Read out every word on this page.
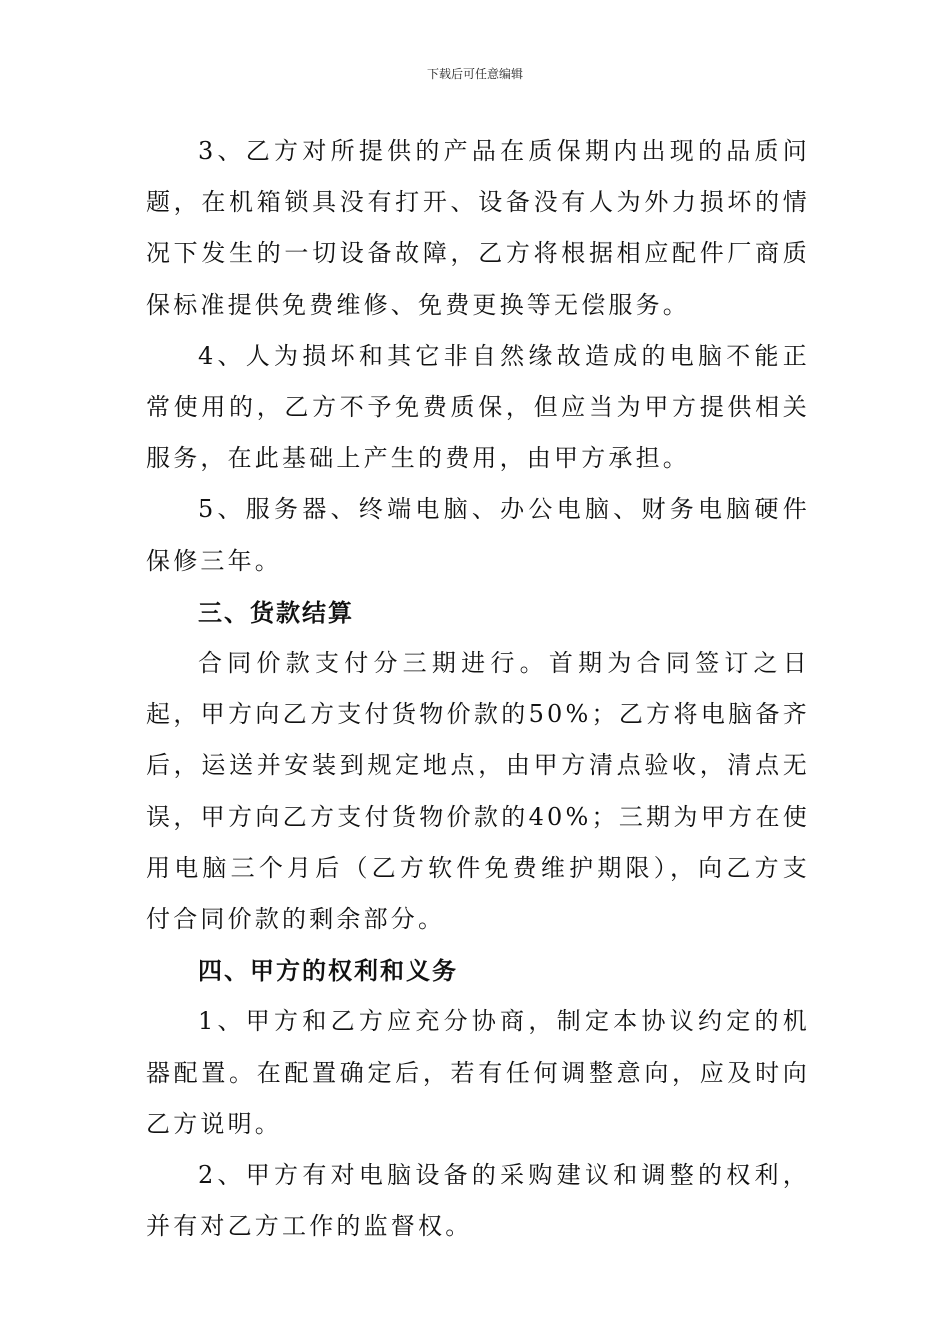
下载后可任意编辑

3、乙方对所提供的产品在质保期内出现的品质问题，在机箱锁具没有打开、设备没有人为外力损坏的情况下发生的一切设备故障，乙方将根据相应配件厂商质保标准提供免费维修、免费更换等无偿服务。

4、人为损坏和其它非自然缘故造成的电脑不能正常使用的，乙方不予免费质保，但应当为甲方提供相关服务，在此基础上产生的费用，由甲方承担。

5、服务器、终端电脑、办公电脑、财务电脑硬件保修三年。

三、货款结算

合同价款支付分三期进行。首期为合同签订之日起，甲方向乙方支付货物价款的50%；乙方将电脑备齐后，运送并安装到规定地点，由甲方清点验收，清点无误，甲方向乙方支付货物价款的40%；三期为甲方在使用电脑三个月后（乙方软件免费维护期限），向乙方支付合同价款的剩余部分。

四、甲方的权利和义务

1、甲方和乙方应充分协商，制定本协议约定的机器配置。在配置确定后，若有任何调整意向，应及时向乙方说明。

2、甲方有对电脑设备的采购建议和调整的权利，并有对乙方工作的监督权。
